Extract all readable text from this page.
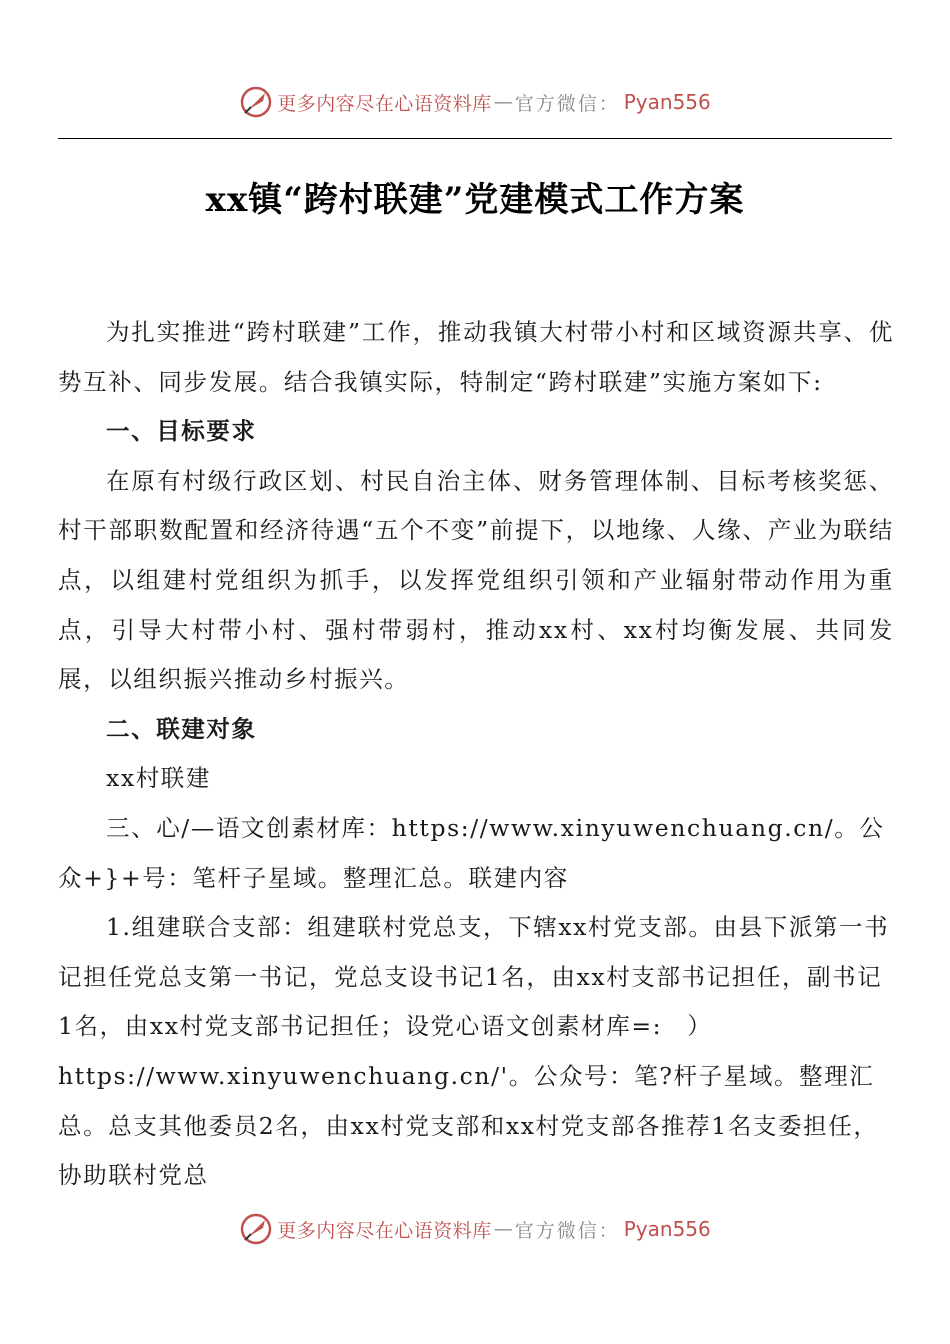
更多内容尽在心语资料库 — 官方微信： Pyan556
xx镇“跨村联建”党建模式工作方案

为扎实推进“跨村联建”工作，推动我镇大村带小村和区域资源共享、优势互补、同步发展。结合我镇实际，特制定“跨村联建”实施方案如下:

一、目标要求

在原有村级行政区划、村民自治主体、财务管理体制、目标考核奖惩、村干部职数配置和经济待遇“五个不变”前提下，以地缘、人缘、产业为联结点，以组建村党组织为抓手，以发挥党组织引领和产业辐射带动作用为重点，引导大村带小村、强村带弱村，推动xx村、xx村均衡发展、共同发展，以组织振兴推动乡村振兴。

二、联建对象

xx村联建

三、心/—语文创素材库：https://www.xinyuwenchuang.cn/。公众+}+号：笔杆子星域。整理汇总。联建内容

1.组建联合支部：组建联村党总支，下辖xx村党支部。由县下派第一书记担任党总支第一书记，党总支设书记1名，由xx村支部书记担任，副书记1名，由xx村党支部书记担任；设党心语文创素材库=:　）https://www.xinyuwenchuang.cn/'。公众号：笔?杆子星域。整理汇总。总支其他委员2名，由xx村党支部和xx村党支部各推荐1名支委担任，协助联村党总

更多内容尽在心语资料库 — 官方微信： Pyan556
